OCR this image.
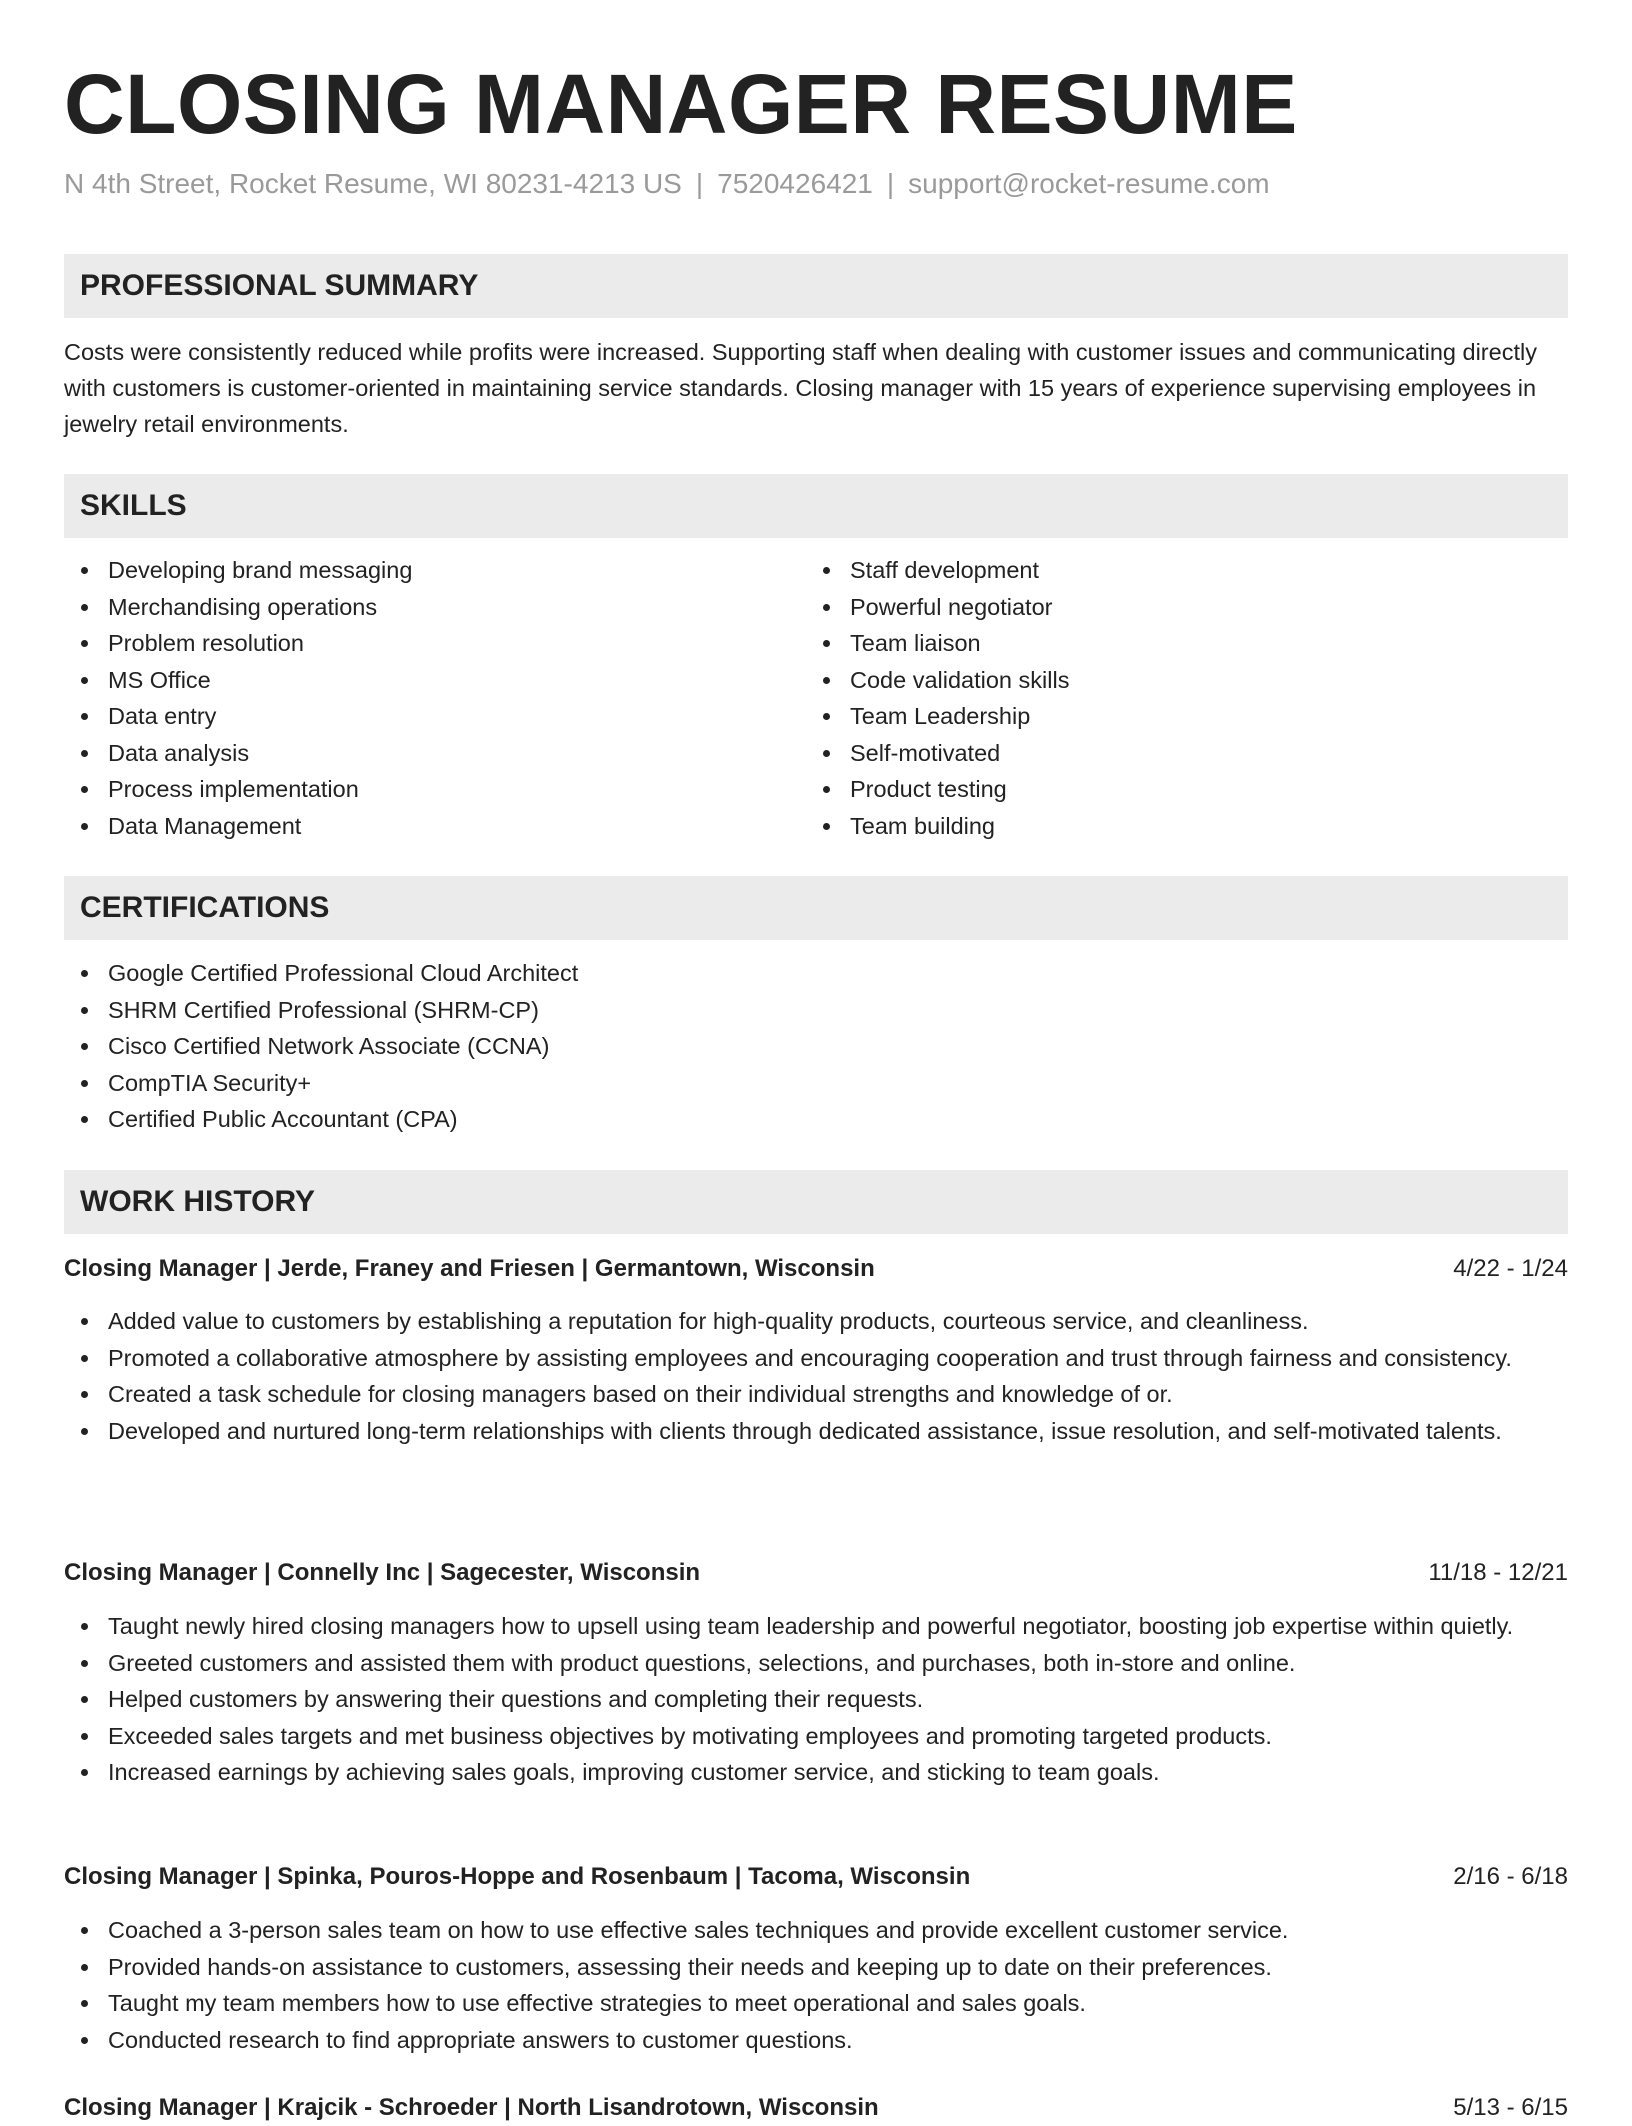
CLOSING MANAGER RESUME
N 4th Street, Rocket Resume, WI 80231-4213 US | 7520426421 | support@rocket-resume.com
PROFESSIONAL SUMMARY
Costs were consistently reduced while profits were increased. Supporting staff when dealing with customer issues and communicating directly with customers is customer-oriented in maintaining service standards. Closing manager with 15 years of experience supervising employees in jewelry retail environments.
SKILLS
Developing brand messaging
Merchandising operations
Problem resolution
MS Office
Data entry
Data analysis
Process implementation
Data Management
Staff development
Powerful negotiator
Team liaison
Code validation skills
Team Leadership
Self-motivated
Product testing
Team building
CERTIFICATIONS
Google Certified Professional Cloud Architect
SHRM Certified Professional (SHRM-CP)
Cisco Certified Network Associate (CCNA)
CompTIA Security+
Certified Public Accountant (CPA)
WORK HISTORY
Closing Manager | Jerde, Franey and Friesen | Germantown, Wisconsin	4/22 - 1/24
Added value to customers by establishing a reputation for high-quality products, courteous service, and cleanliness.
Promoted a collaborative atmosphere by assisting employees and encouraging cooperation and trust through fairness and consistency.
Created a task schedule for closing managers based on their individual strengths and knowledge of or.
Developed and nurtured long-term relationships with clients through dedicated assistance, issue resolution, and self-motivated talents.
Closing Manager | Connelly Inc | Sagecester, Wisconsin	11/18 - 12/21
Taught newly hired closing managers how to upsell using team leadership and powerful negotiator, boosting job expertise within quietly.
Greeted customers and assisted them with product questions, selections, and purchases, both in-store and online.
Helped customers by answering their questions and completing their requests.
Exceeded sales targets and met business objectives by motivating employees and promoting targeted products.
Increased earnings by achieving sales goals, improving customer service, and sticking to team goals.
Closing Manager | Spinka, Pouros-Hoppe and Rosenbaum | Tacoma, Wisconsin	2/16 - 6/18
Coached a 3-person sales team on how to use effective sales techniques and provide excellent customer service.
Provided hands-on assistance to customers, assessing their needs and keeping up to date on their preferences.
Taught my team members how to use effective strategies to meet operational and sales goals.
Conducted research to find appropriate answers to customer questions.
Closing Manager | Krajcik - Schroeder | North Lisandrotown, Wisconsin	5/13 - 6/15
